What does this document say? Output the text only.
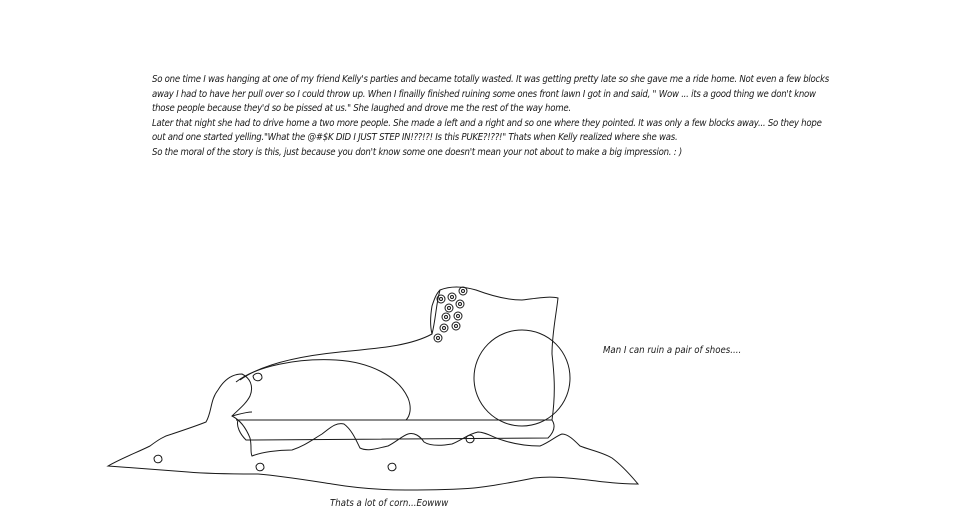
So one time I was hanging at one of my friend Kelly's parties and became totally wasted. It was getting pretty late so she gave me a ride home. Not even a few blocks away I had to have her pull over so I could throw up. When I finailly finished ruining some ones front lawn I got in and said, " Wow ... its a good thing we don't know those people because they'd so be pissed at us." She laughed and drove me the rest of the way home.

Later that night she had to drive home a two more people. She made a left and a right and so one where they pointed. It was only a few blocks away... So they hope out and one started yelling."What the @#$K DID I JUST STEP IN!??!?! Is this PUKE?!??!" Thats when Kelly realized where she was.

So the moral of the story is this, just because you don't know some one doesn't mean your not about to make a big impression. : )

Man I can ruin a pair of shoes....
Thats a lot of corn...Eowww
